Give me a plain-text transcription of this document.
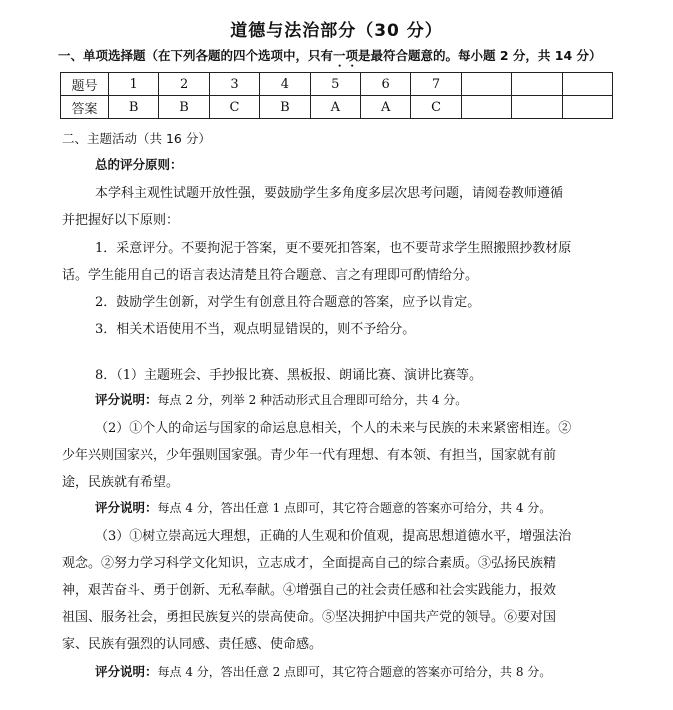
道德与法治部分（30 分）
一、单项选择题（在下列各题的四个选项中，只有一项是最符合题意的。每小题 2 分，共 14 分）
题号	1	2	3	4	5	6	7			
答案	B	B	C	B	A	A	C			
二、主题活动（共 16 分）
总的评分原则：
本学科主观性试题开放性强，要鼓励学生多角度多层次思考问题，请阅卷教师遵循
并把握好以下原则：
1．采意评分。不要拘泥于答案，更不要死扣答案，也不要苛求学生照搬照抄教材原
话。学生能用自己的语言表达清楚且符合题意、言之有理即可酌情给分。
2．鼓励学生创新，对学生有创意且符合题意的答案，应予以肯定。
3．相关术语使用不当，观点明显错误的，则不予给分。
8．（1）主题班会、手抄报比赛、黑板报、朗诵比赛、演讲比赛等。
评分说明：每点 2 分，列举 2 种活动形式且合理即可给分，共 4 分。
（2）①个人的命运与国家的命运息息相关，个人的未来与民族的未来紧密相连。②
少年兴则国家兴，少年强则国家强。青少年一代有理想、有本领、有担当，国家就有前
途，民族就有希望。
评分说明：每点 4 分，答出任意 1 点即可，其它符合题意的答案亦可给分，共 4 分。
（3）①树立崇高远大理想，正确的人生观和价值观，提高思想道德水平，增强法治
观念。②努力学习科学文化知识，立志成才，全面提高自己的综合素质。③弘扬民族精
神，艰苦奋斗、勇于创新、无私奉献。④增强自己的社会责任感和社会实践能力，报效
祖国、服务社会，勇担民族复兴的崇高使命。⑤坚决拥护中国共产党的领导。⑥要对国
家、民族有强烈的认同感、责任感、使命感。
评分说明：每点 4 分，答出任意 2 点即可，其它符合题意的答案亦可给分，共 8 分。
